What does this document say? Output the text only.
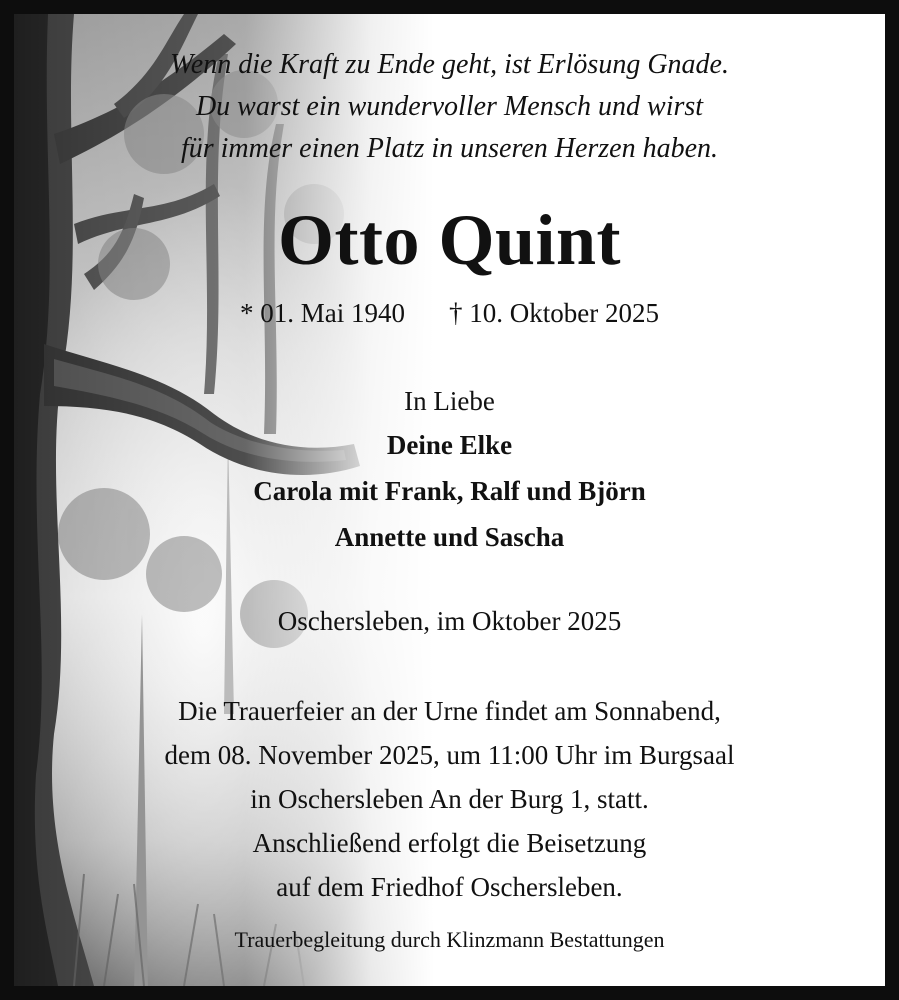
Wenn die Kraft zu Ende geht, ist Erlösung Gnade.
Du warst ein wundervoller Mensch und wirst
für immer einen Platz in unseren Herzen haben.
Otto Quint
* 01. Mai 1940 † 10. Oktober 2025
In Liebe
Deine Elke
Carola mit Frank, Ralf und Björn
Annette und Sascha
Oschersleben, im Oktober 2025
Die Trauerfeier an der Urne findet am Sonnabend,
dem 08. November 2025, um 11:00 Uhr im Burgsaal
in Oschersleben An der Burg 1, statt.
Anschließend erfolgt die Beisetzung
auf dem Friedhof Oschersleben.
Trauerbegleitung durch Klinzmann Bestattungen
